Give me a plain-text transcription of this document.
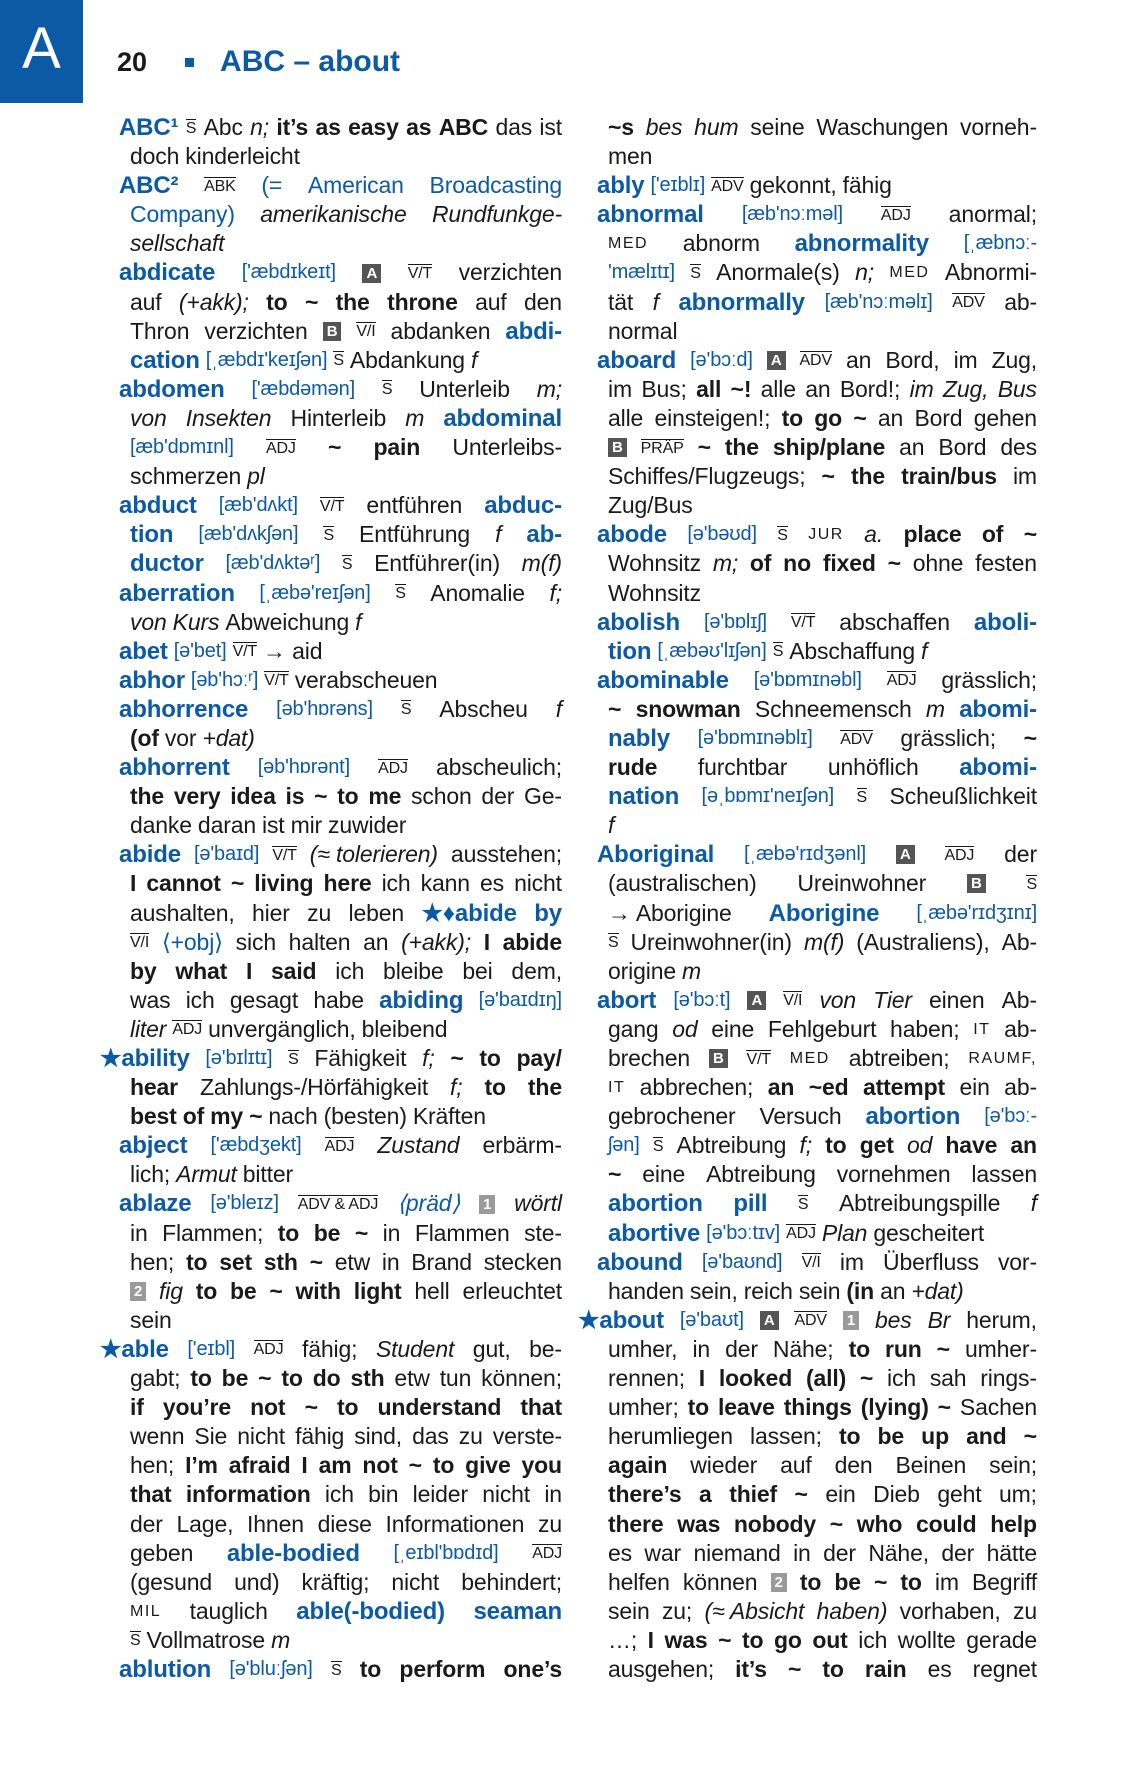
A	20 ABC – about
ABC¹ S Abc n; it’s as easy as ABC das ist
doch kinderleicht
ABC² ABK (= American Broadcasting
Company) amerikanische Rundfunkge-
sellschaft
abdicate ['æbdɪkeɪt] A V/T verzichten
auf (+akk); to ~ the throne auf den
Thron verzichten B V/I abdanken abdi-
cation [ˌæbdɪ'keɪʃən] S Abdankung f
abdomen ['æbdəmən] S Unterleib m;
von Insekten Hinterleib m abdominal
[æb'dɒmɪnl] ADJ ~ pain Unterleibs-
schmerzen pl
abduct [æb'dʌkt] V/T entführen abduc-
tion [æb'dʌkʃən] S Entführung f ab-
ductor [æb'dʌktəʳ] S Entführer(in) m(f)
aberration [ˌæbə'reɪʃən] S Anomalie f;
von Kurs Abweichung f
abet [ə'bet] V/T → aid
abhor [əb'hɔːʳ] V/T verabscheuen
abhorrence [əb'hɒrəns] S Abscheu f
(of vor +dat)
abhorrent [əb'hɒrənt] ADJ abscheulich;
the very idea is ~ to me schon der Ge-
danke daran ist mir zuwider
abide [ə'baɪd] V/T (≈ tolerieren) ausstehen;
I cannot ~ living here ich kann es nicht
aushalten, hier zu leben ★♦abide by
V/I ⟨+obj⟩ sich halten an (+akk); I abide
by what I said ich bleibe bei dem,
was ich gesagt habe abiding [ə'baɪdɪŋ]
liter ADJ unvergänglich, bleibend
★ability [ə'bɪlɪtɪ] S Fähigkeit f; ~ to pay/
hear Zahlungs-/Hörfähigkeit f; to the
best of my ~ nach (besten) Kräften
abject ['æbdʒekt] ADJ Zustand erbärm-
lich; Armut bitter
ablaze [ə'bleɪz] ADV & ADJ ⟨präd⟩ 1 wörtl
in Flammen; to be ~ in Flammen ste-
hen; to set sth ~ etw in Brand stecken
2 fig to be ~ with light hell erleuchtet
sein
★able ['eɪbl] ADJ fähig; Student gut, be-
gabt; to be ~ to do sth etw tun können;
if you’re not ~ to understand that
wenn Sie nicht fähig sind, das zu verste-
hen; I’m afraid I am not ~ to give you
that information ich bin leider nicht in
der Lage, Ihnen diese Informationen zu
geben able-bodied [ˌeɪbl'bɒdɪd] ADJ
(gesund und) kräftig; nicht behindert;
MIL tauglich able(-bodied) seaman
S Vollmatrose m
ablution [ə'bluːʃən] S to perform one’s
~s bes hum seine Waschungen vorneh-
men
ably ['eɪblɪ] ADV gekonnt, fähig
abnormal [æb'nɔːməl] ADJ anormal;
MED abnorm abnormality [ˌæbnɔː-
'mælɪtɪ] S Anormale(s) n; MED Abnormi-
tät f abnormally [æb'nɔːməlɪ] ADV ab-
normal
aboard [ə'bɔːd] A ADV an Bord, im Zug,
im Bus; all ~! alle an Bord!; im Zug, Bus
alle einsteigen!; to go ~ an Bord gehen
B PRÄP ~ the ship/plane an Bord des
Schiffes/Flugzeugs; ~ the train/bus im
Zug/Bus
abode [ə'bəʊd] S JUR a. place of ~
Wohnsitz m; of no fixed ~ ohne festen
Wohnsitz
abolish [ə'bɒlɪʃ] V/T abschaffen aboli-
tion [ˌæbəʊ'lɪʃən] S Abschaffung f
abominable [ə'bɒmɪnəbl] ADJ grässlich;
~ snowman Schneemensch m abomi-
nably [ə'bɒmɪnəblɪ] ADV grässlich; ~
rude furchtbar unhöflich abomi-
nation [əˌbɒmɪ'neɪʃən] S Scheußlichkeit
f
Aboriginal [ˌæbə'rɪdʒənl] A ADJ der
(australischen) Ureinwohner	B	S
→ Aborigine Aborigine [ˌæbə'rɪdʒɪnɪ]
S Ureinwohner(in) m(f) (Australiens), Ab-
origine m
abort [ə'bɔːt] A V/I von Tier einen Ab-
gang od eine Fehlgeburt haben; IT ab-
brechen B V/T MED abtreiben; RAUMF,
IT abbrechen; an ~ed attempt ein ab-
gebrochener Versuch abortion [ə'bɔː-
ʃən] S Abtreibung f; to get od have an
~ eine Abtreibung vornehmen lassen
abortion pill S Abtreibungspille f
abortive [ə'bɔːtɪv] ADJ Plan gescheitert
abound [ə'baʊnd] V/I im Überfluss vor-
handen sein, reich sein (in an +dat)
★about [ə'baʊt] A ADV 1 bes Br herum,
umher, in der Nähe; to run ~ umher-
rennen; I looked (all) ~ ich sah rings-
umher; to leave things (lying) ~ Sachen
herumliegen lassen; to be up and ~
again wieder auf den Beinen sein;
there’s a thief ~ ein Dieb geht um;
there was nobody ~ who could help
es war niemand in der Nähe, der hätte
helfen können 2 to be ~ to im Begriff
sein zu; (≈ Absicht haben) vorhaben, zu
…; I was ~ to go out ich wollte gerade
ausgehen; it’s ~ to rain es regnet
